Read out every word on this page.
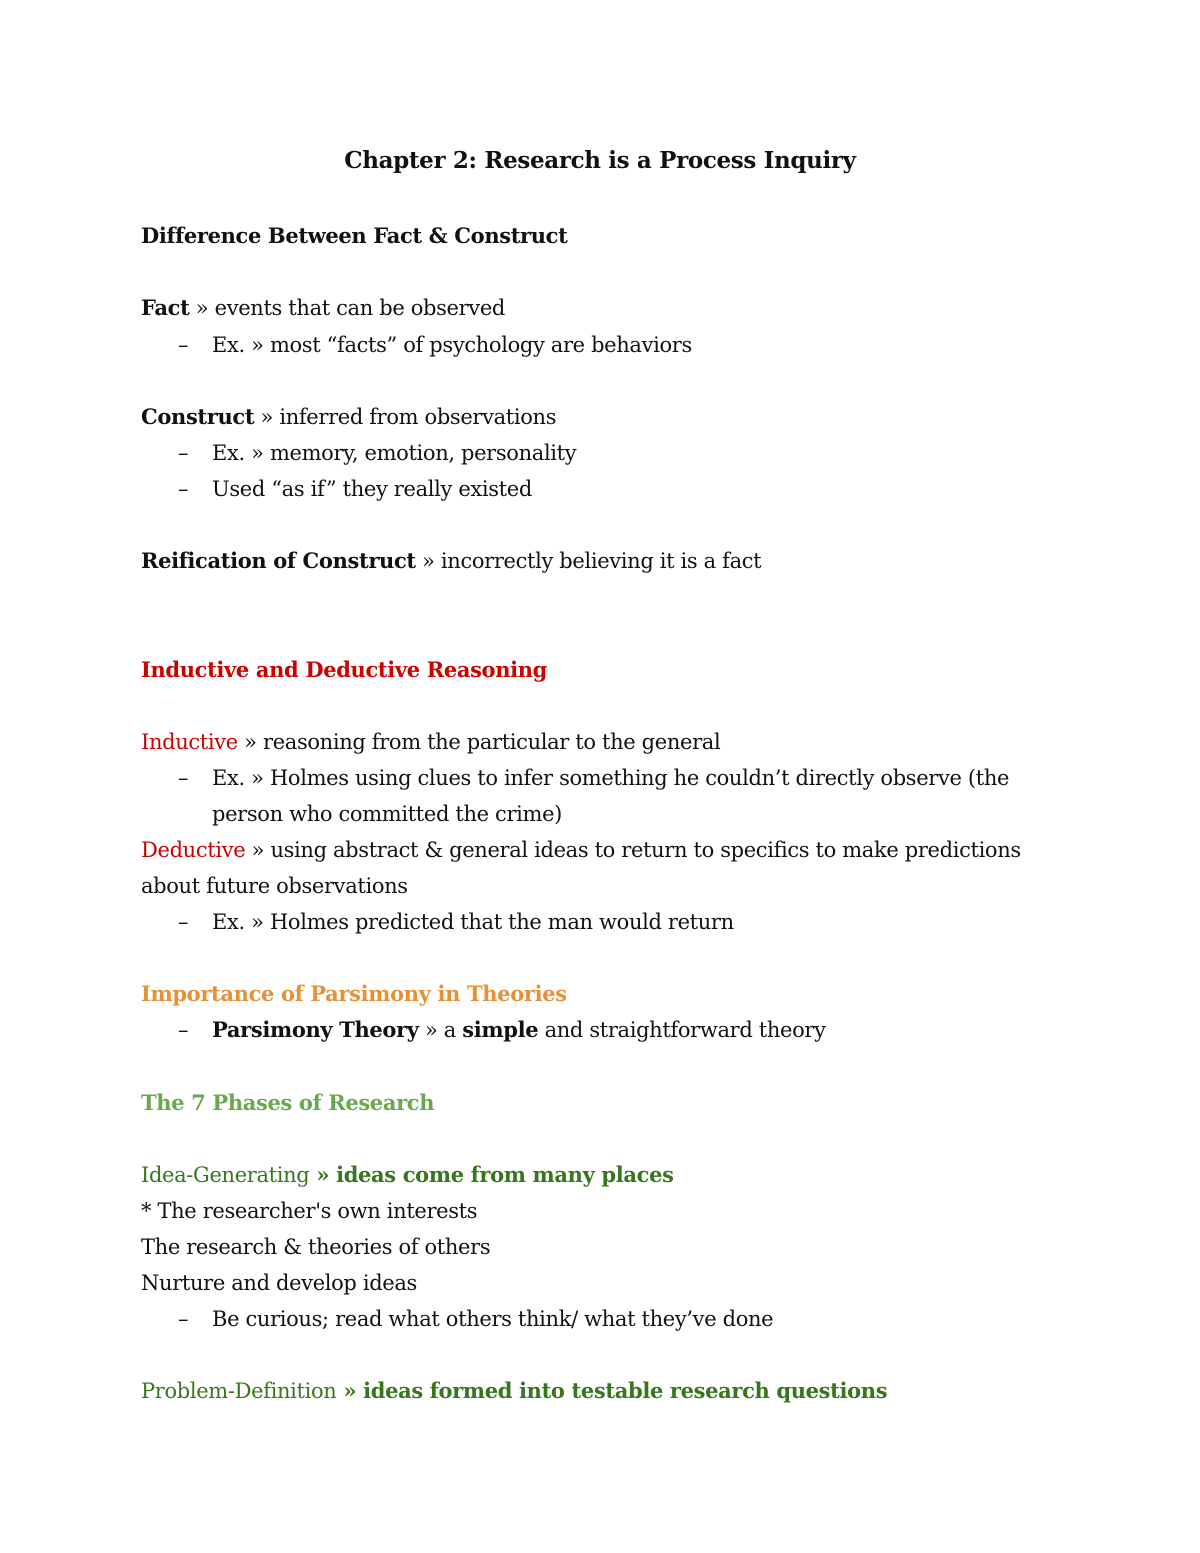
Chapter 2: Research is a Process Inquiry
Difference Between Fact & Construct
Fact » events that can be observed
– Ex. » most “facts” of psychology are behaviors
Construct » inferred from observations
– Ex. » memory, emotion, personality
– Used “as if” they really existed
Reification of Construct » incorrectly believing it is a fact
Inductive and Deductive Reasoning
Inductive » reasoning from the particular to the general
– Ex. » Holmes using clues to infer something he couldn’t directly observe (the
person who committed the crime)
Deductive » using abstract & general ideas to return to specifics to make predictions
about future observations
– Ex. » Holmes predicted that the man would return
Importance of Parsimony in Theories
– Parsimony Theory » a simple and straightforward theory
The 7 Phases of Research
Idea-Generating » ideas come from many places
* The researcher's own interests
The research & theories of others
Nurture and develop ideas
– Be curious; read what others think/ what they’ve done
Problem-Definition » ideas formed into testable research questions
